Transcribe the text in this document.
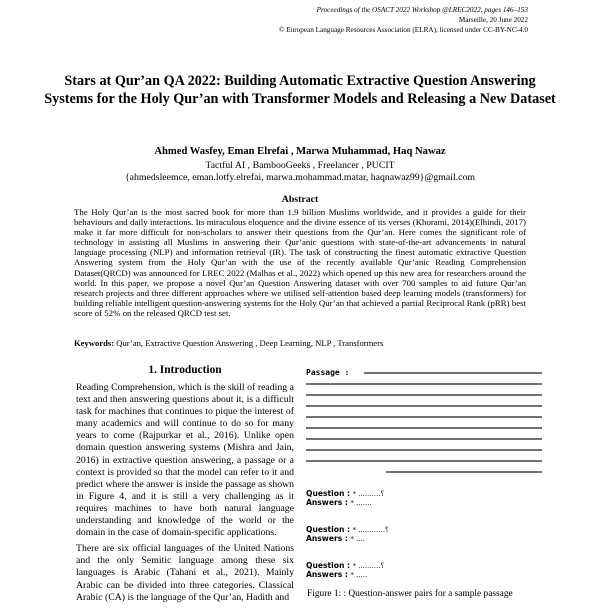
Proceedings of the OSACT 2022 Workshop @LREC2022, pages 146–153
Marseille, 20 June 2022
© European Language Resources Association (ELRA), licensed under CC-BY-NC-4.0
Stars at Qur’an QA 2022: Building Automatic Extractive Question Answering Systems for the Holy Qur’an with Transformer Models and Releasing a New Dataset
Ahmed Wasfey, Eman Elrefai , Marwa Muhammad, Haq Nawaz
Tactful AI , BambooGeeks , Freelancer , PUCIT
{ahmedsleemce, eman.lotfy.elrefai, marwa.mohammad.matar, haqnawaz99}@gmail.com
Abstract
The Holy Qur’an is the most sacred book for more than 1.9 billion Muslims worldwide, and it provides a guide for their behaviours and daily interactions. Its miraculous eloquence and the divine essence of its verses (Khorami, 2014)(Elhindi, 2017) make it far more difficult for non-scholars to answer their questions from the Qur’an. Here comes the significant role of technology in assisting all Muslims in answering their Qur’anic questions with state-of-the-art advancements in natural language processing (NLP) and information retrieval (IR). The task of constructing the finest automatic extractive Question Answering system from the Holy Qur’an with the use of the recently available Qur’anic Reading Comprehension Dataset(QRCD) was announced for LREC 2022 (Malhas et al., 2022) which opened up this new area for researchers around the world. In this paper, we propose a novel Qur’an Question Answering dataset with over 700 samples to aid future Qur’an research projects and three different approaches where we utilised self-attention based deep learning models (transformers) for building reliable intelligent question-answering systems for the Holy Qur’an that achieved a partial Reciprocal Rank (pRR) best score of 52% on the released QRCD test set.
Keywords: Qur’an, Extractive Question Answering , Deep Learning, NLP , Transformers
1. Introduction

Reading Comprehension, which is the skill of reading a text and then answering questions about it, is a difficult task for machines that continues to pique the interest of many academics and will continue to do so for many years to come (Rajpurkar et al., 2016). Unlike open domain question answering systems (Mishra and Jain, 2016) in extractive question answering, a passage or a context is provided so that the model can refer to it and predict where the answer is inside the passage as shown in Figure 4, and it is still a very challenging as it requires machines to have both natural language understanding and knowledge of the world or the domain in the case of domain-specific applications.

There are six official languages of the United Nations and the only Semitic language among these six languages is Arabic (Tahani et al., 2021). Mainly Arabic can be divided into three categories. Classical Arabic (CA) is the language of the Qur’an, Hadith and

Passage :
Question : * ..........؟
Answers : * .......
Question : * ............؟
Answers : * ....
Question : * ..........؟
Answers : * .....
Figure 1: : Question-answer pairs for a sample passage
